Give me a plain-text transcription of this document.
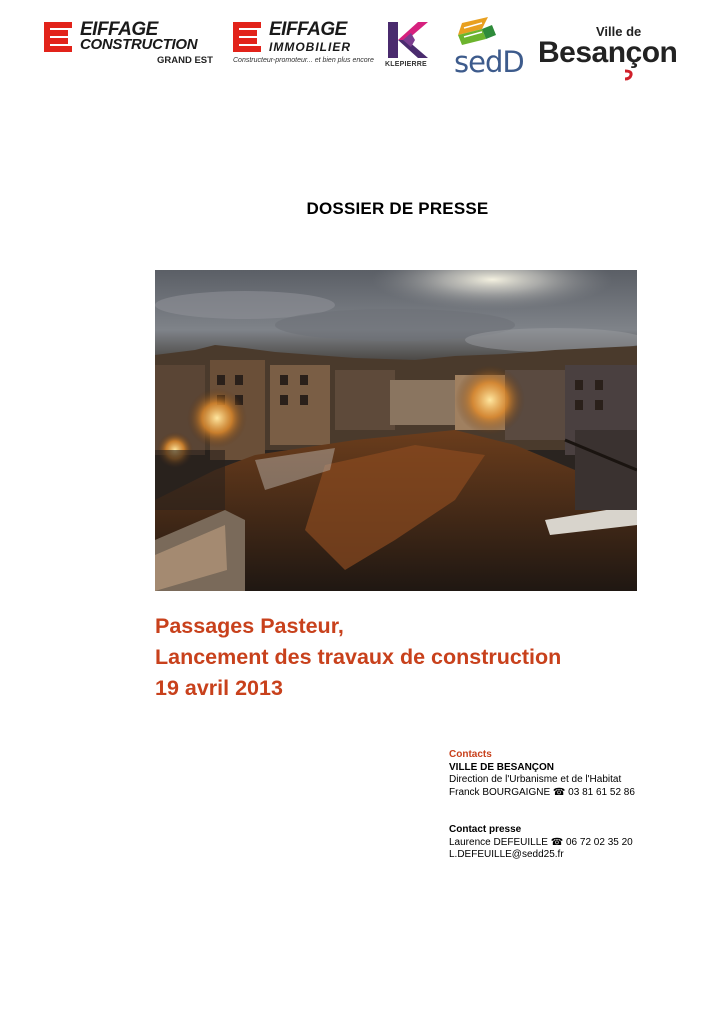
EIFFAGE
CONSTRUCTION
GRAND EST
EIFFAGE
IMMOBILIER
Constructeur-promoteur... et bien plus encore
KLEPIERRE sedD
Ville de
Besançon
DOSSIER DE PRESSE
Passages Pasteur,
Lancement des travaux de construction
19 avril 2013
Contacts
VILLE DE BESANÇON
Direction de l'Urbanisme et de l'Habitat
Franck BOURGAIGNE ☎ 03 81 61 52 86
Contact presse
Laurence DEFEUILLE ☎ 06 72 02 35 20
L.DEFEUILLE@sedd25.fr
